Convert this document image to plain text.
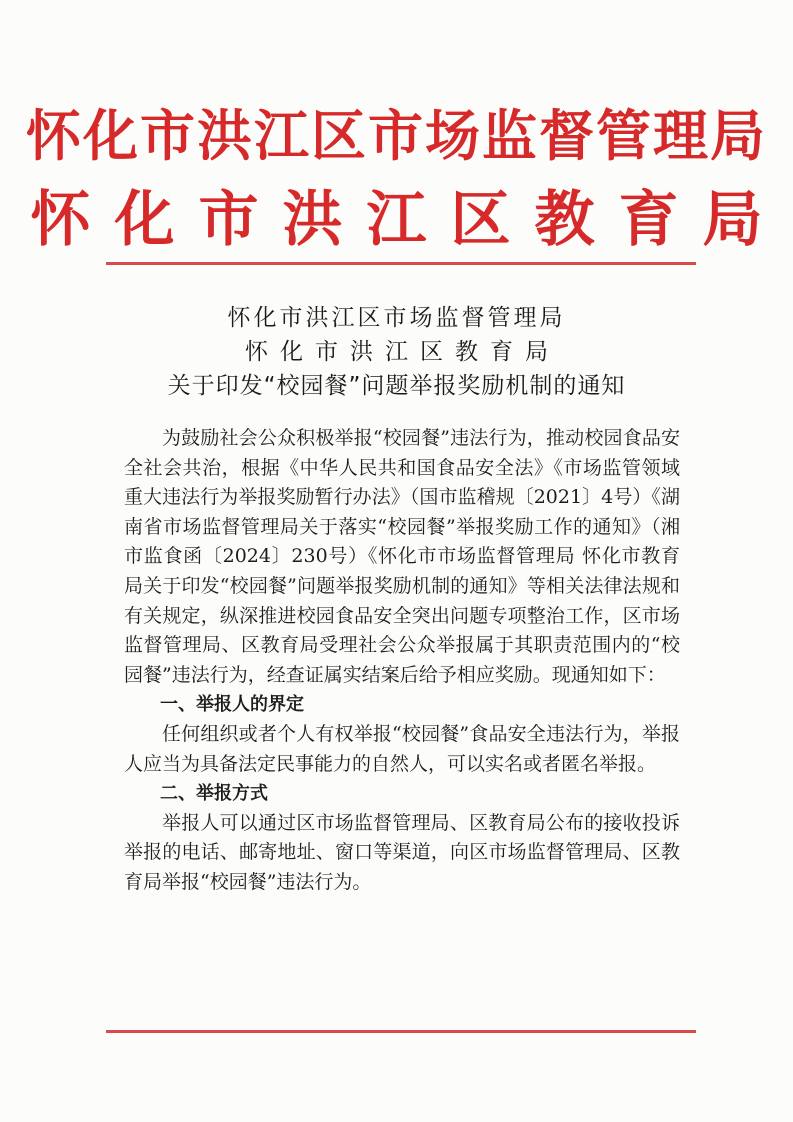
怀化市洪江区市场监督管理局
怀化市洪江区教育局
怀化市洪江区市场监督管理局
怀化市洪江区教育局
关于印发“校园餐”问题举报奖励机制的通知

为鼓励社会公众积极举报“校园餐”违法行为，推动校园食品安全社会共治，根据《中华人民共和国食品安全法》《市场监管领域重大违法行为举报奖励暂行办法》（国市监稽规〔2021〕4号）《湖南省市场监督管理局关于落实“校园餐”举报奖励工作的通知》（湘市监食函〔2024〕230号）《怀化市市场监督管理局 怀化市教育局关于印发“校园餐”问题举报奖励机制的通知》等相关法律法规和有关规定，纵深推进校园食品安全突出问题专项整治工作，区市场监督管理局、区教育局受理社会公众举报属于其职责范围内的“校园餐”违法行为，经查证属实结案后给予相应奖励。现通知如下：

一、举报人的界定

任何组织或者个人有权举报“校园餐”食品安全违法行为，举报人应当为具备法定民事能力的自然人，可以实名或者匿名举报。

二、举报方式

举报人可以通过区市场监督管理局、区教育局公布的接收投诉举报的电话、邮寄地址、窗口等渠道，向区市场监督管理局、区教育局举报“校园餐”违法行为。
